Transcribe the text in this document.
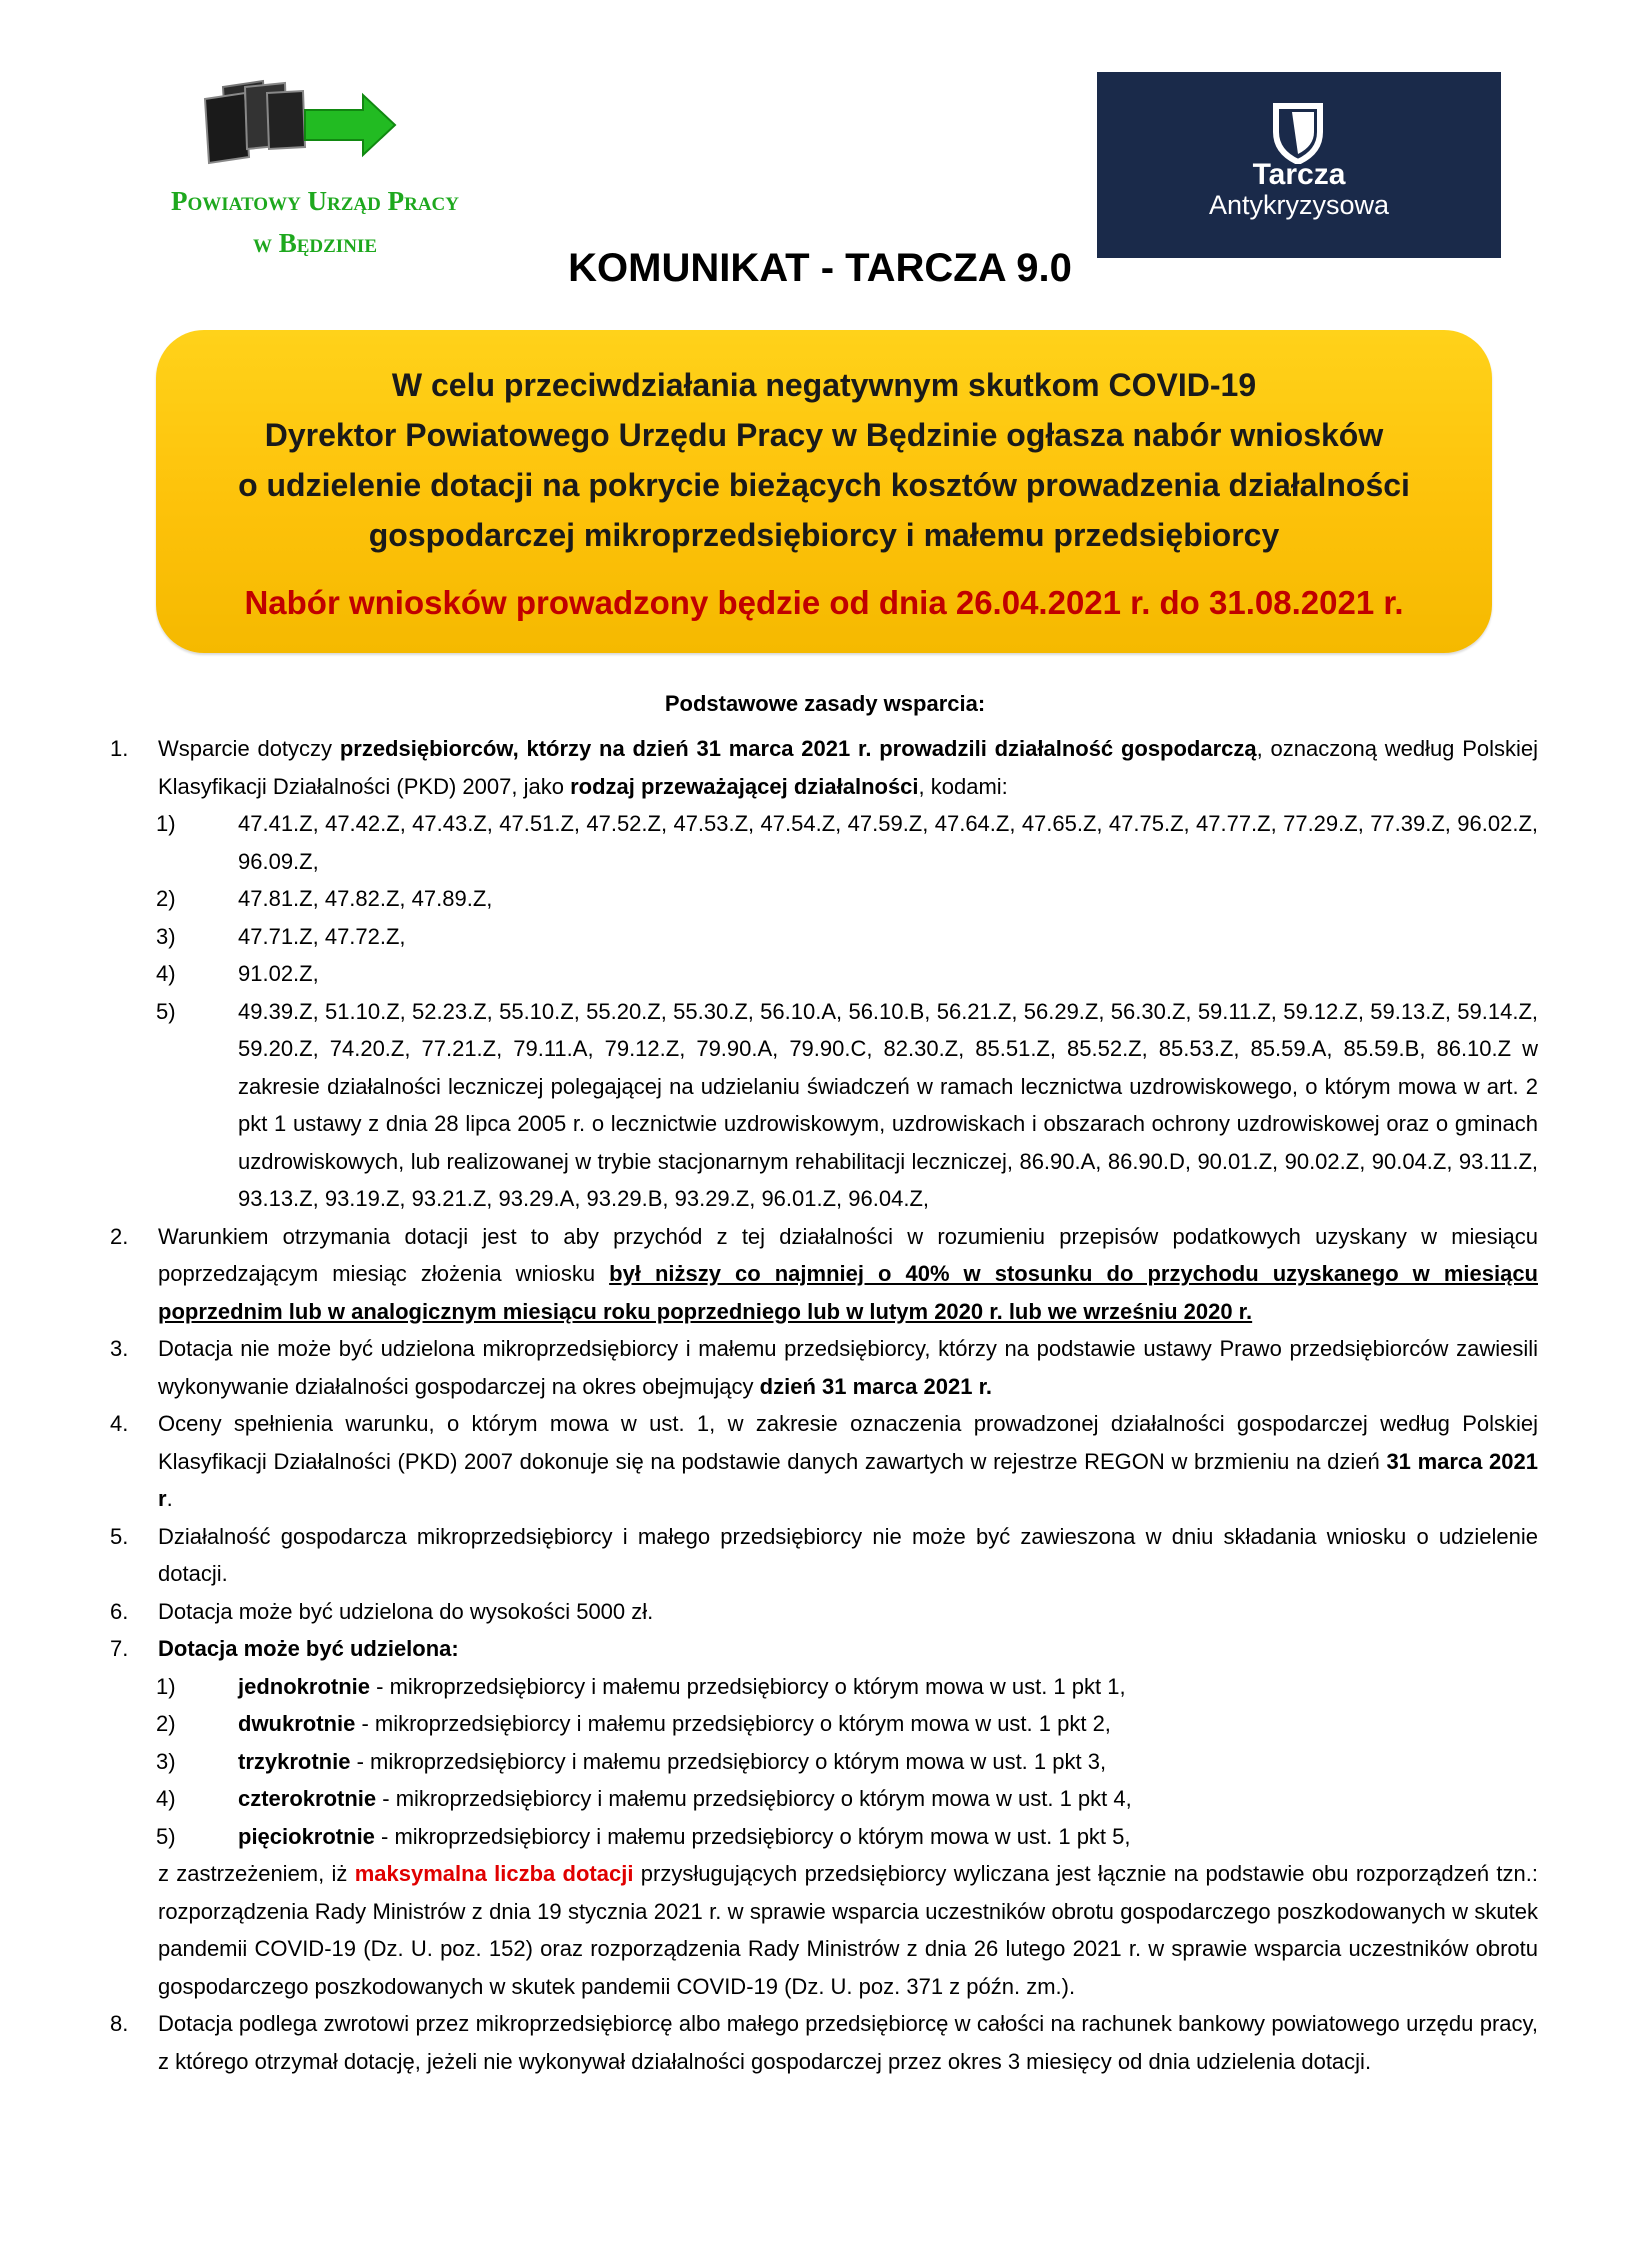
Powiatowy Urząd Pracy
w Będzinie
Tarcza
Antykryzysowa
KOMUNIKAT - TARCZA 9.0
W celu przeciwdziałania negatywnym skutkom COVID-19
Dyrektor Powiatowego Urzędu Pracy w Będzinie ogłasza nabór wniosków
o udzielenie dotacji na pokrycie bieżących kosztów prowadzenia działalności
gospodarczej mikroprzedsiębiorcy i małemu przedsiębiorcy
Nabór wniosków prowadzony będzie od dnia 26.04.2021 r. do 31.08.2021 r.
Podstawowe zasady wsparcia:
1. Wsparcie dotyczy przedsiębiorców, którzy na dzień 31 marca 2021 r. prowadzili działalność gospodarczą, oznaczoną według Polskiej Klasyfikacji Działalności (PKD) 2007, jako rodzaj przeważającej działalności, kodami:
1)	47.41.Z, 47.42.Z, 47.43.Z, 47.51.Z, 47.52.Z, 47.53.Z, 47.54.Z, 47.59.Z, 47.64.Z, 47.65.Z, 47.75.Z, 47.77.Z, 77.29.Z, 77.39.Z, 96.02.Z, 96.09.Z,
2)	47.81.Z, 47.82.Z, 47.89.Z,
3)	47.71.Z, 47.72.Z,
4)	91.02.Z,
5)	49.39.Z, 51.10.Z, 52.23.Z, 55.10.Z, 55.20.Z, 55.30.Z, 56.10.A, 56.10.B, 56.21.Z, 56.29.Z, 56.30.Z, 59.11.Z, 59.12.Z, 59.13.Z, 59.14.Z, 59.20.Z, 74.20.Z, 77.21.Z, 79.11.A, 79.12.Z, 79.90.A, 79.90.C, 82.30.Z, 85.51.Z, 85.52.Z, 85.53.Z, 85.59.A, 85.59.B, 86.10.Z w zakresie działalności leczniczej polegającej na udzielaniu świadczeń w ramach lecznictwa uzdrowiskowego, o którym mowa w art. 2 pkt 1 ustawy z dnia 28 lipca 2005 r. o lecznictwie uzdrowiskowym, uzdrowiskach i obszarach ochrony uzdrowiskowej oraz o gminach uzdrowiskowych, lub realizowanej w trybie stacjonarnym rehabilitacji leczniczej, 86.90.A, 86.90.D, 90.01.Z, 90.02.Z, 90.04.Z, 93.11.Z, 93.13.Z, 93.19.Z, 93.21.Z, 93.29.A, 93.29.B, 93.29.Z, 96.01.Z, 96.04.Z,
2. Warunkiem otrzymania dotacji jest to aby przychód z tej działalności w rozumieniu przepisów podatkowych uzyskany w miesiącu poprzedzającym miesiąc złożenia wniosku był niższy co najmniej o 40% w stosunku do przychodu uzyskanego w miesiącu poprzednim lub w analogicznym miesiącu roku poprzedniego lub w lutym 2020 r. lub we wrześniu 2020 r.
3. Dotacja nie może być udzielona mikroprzedsiębiorcy i małemu przedsiębiorcy, którzy na podstawie ustawy Prawo przedsiębiorców zawiesili wykonywanie działalności gospodarczej na okres obejmujący dzień 31 marca 2021 r.
4. Oceny spełnienia warunku, o którym mowa w ust. 1, w zakresie oznaczenia prowadzonej działalności gospodarczej według Polskiej Klasyfikacji Działalności (PKD) 2007 dokonuje się na podstawie danych zawartych w rejestrze REGON w brzmieniu na dzień 31 marca 2021 r.
5. Działalność gospodarcza mikroprzedsiębiorcy i małego przedsiębiorcy nie może być zawieszona w dniu składania wniosku o udzielenie dotacji.
6. Dotacja może być udzielona do wysokości 5000 zł.
7. Dotacja może być udzielona:
1)	jednokrotnie - mikroprzedsiębiorcy i małemu przedsiębiorcy o którym mowa w ust. 1 pkt 1,
2)	dwukrotnie - mikroprzedsiębiorcy i małemu przedsiębiorcy o którym mowa w ust. 1 pkt 2,
3)	trzykrotnie - mikroprzedsiębiorcy i małemu przedsiębiorcy o którym mowa w ust. 1 pkt 3,
4)	czterokrotnie - mikroprzedsiębiorcy i małemu przedsiębiorcy o którym mowa w ust. 1 pkt 4,
5)	pięciokrotnie - mikroprzedsiębiorcy i małemu przedsiębiorcy o którym mowa w ust. 1 pkt 5,
z zastrzeżeniem, iż maksymalna liczba dotacji przysługujących przedsiębiorcy wyliczana jest łącznie na podstawie obu rozporządzeń tzn.: rozporządzenia Rady Ministrów z dnia 19 stycznia 2021 r. w sprawie wsparcia uczestników obrotu gospodarczego poszkodowanych w skutek pandemii COVID-19 (Dz. U. poz. 152) oraz rozporządzenia Rady Ministrów z dnia 26 lutego 2021 r. w sprawie wsparcia uczestników obrotu gospodarczego poszkodowanych w skutek pandemii COVID-19 (Dz. U. poz. 371 z późn. zm.).
8. Dotacja podlega zwrotowi przez mikroprzedsiębiorcę albo małego przedsiębiorcę w całości na rachunek bankowy powiatowego urzędu pracy, z którego otrzymał dotację, jeżeli nie wykonywał działalności gospodarczej przez okres 3 miesięcy od dnia udzielenia dotacji.
